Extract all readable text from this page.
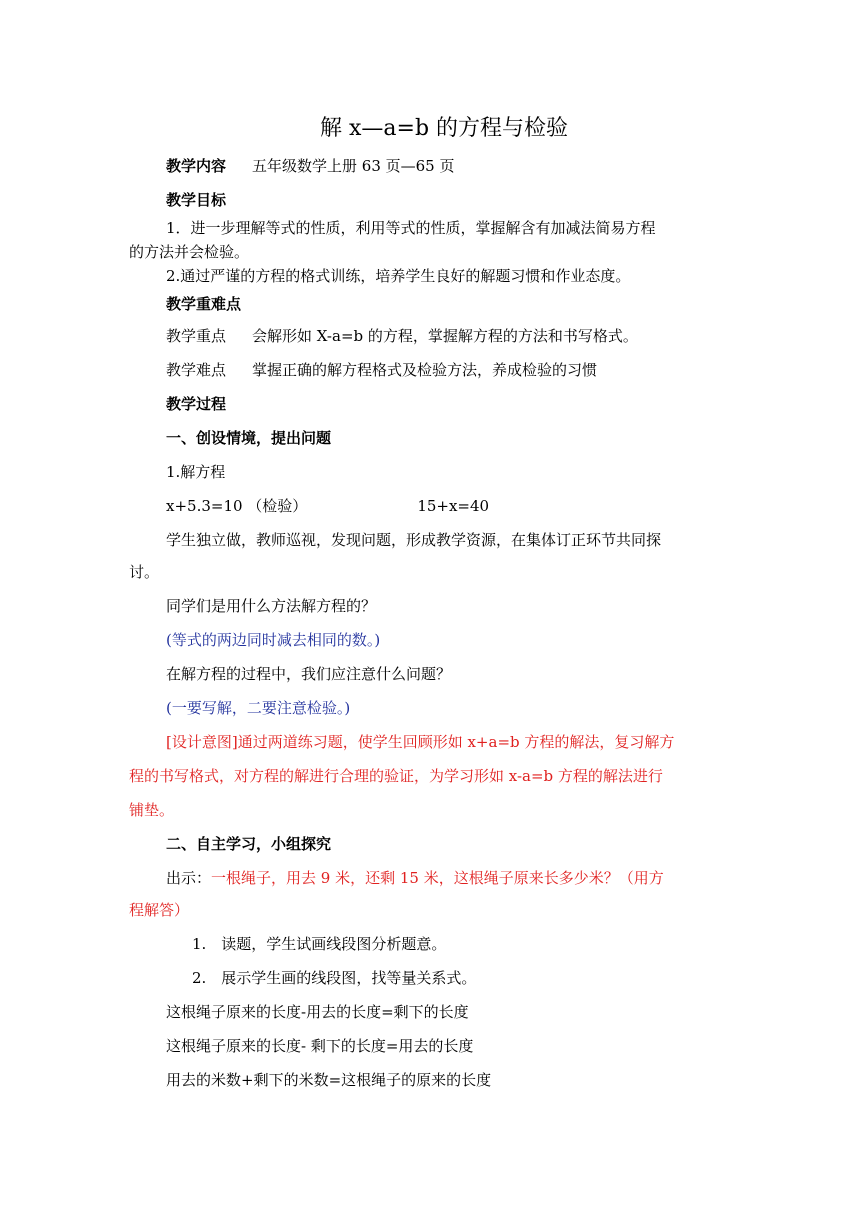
解 x—a=b 的方程与检验
教学内容 五年级数学上册 63 页—65 页
教学目标
1．进一步理解等式的性质，利用等式的性质，掌握解含有加减法简易方程
的方法并会检验。
2.通过严谨的方程的格式训练，培养学生良好的解题习惯和作业态度。
教学重难点
教学重点 会解形如 X-a=b 的方程，掌握解方程的方法和书写格式。
教学难点 掌握正确的解方程格式及检验方法，养成检验的习惯
教学过程
一、创设情境，提出问题
1.解方程
x+5.3=10 （检验）	15+x=40
学生独立做，教师巡视，发现问题，形成教学资源，在集体订正环节共同探
讨。
同学们是用什么方法解方程的？
(等式的两边同时减去相同的数。)
在解方程的过程中，我们应注意什么问题？
(一要写解，二要注意检验。)
[设计意图]通过两道练习题，使学生回顾形如 x+a=b 方程的解法，复习解方
程的书写格式，对方程的解进行合理的验证，为学习形如 x-a=b 方程的解法进行
铺垫。
二、自主学习，小组探究
出示：一根绳子，用去 9 米，还剩 15 米，这根绳子原来长多少米？（用方
程解答）
1.　读题，学生试画线段图分析题意。
2.　展示学生画的线段图，找等量关系式。
这根绳子原来的长度-用去的长度=剩下的长度
这根绳子原来的长度- 剩下的长度=用去的长度
用去的米数+剩下的米数=这根绳子的原来的长度
